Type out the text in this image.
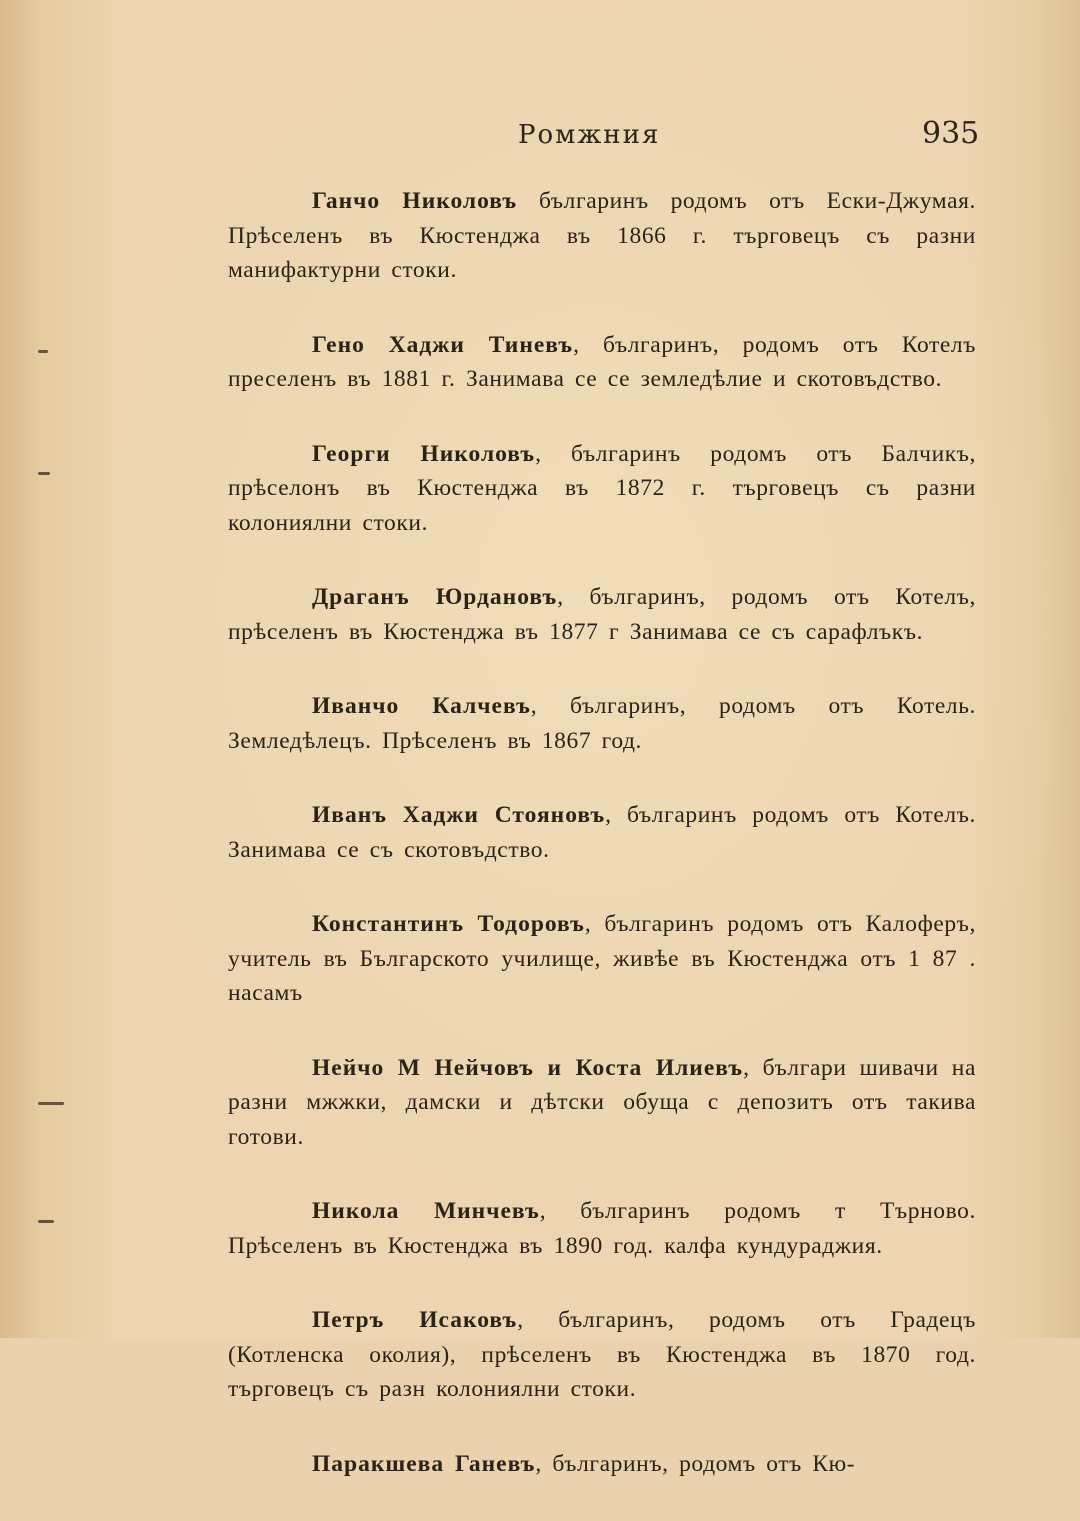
Ромжния	935

Ганчо Николовъ българинъ родомъ отъ Ески-Джумая. Прѣселенъ въ Кюстенджа въ 1866 г. търговецъ съ разни манифактурни стоки.

Гено Хаджи Тиневъ, българинъ, родомъ отъ Котелъ преселенъ въ 1881 г. Занимава се се земледѣлие и скотовъдство.

Георги Николовъ, българинъ родомъ отъ Балчикъ, прѣселонъ въ Кюстенджа въ 1872 г. търговецъ съ разни колониялни стоки.

Драганъ Юрдановъ, българинъ, родомъ отъ Котелъ, прѣселенъ въ Кюстенджа въ 1877 г Занимава се съ сарафлъкъ.

Иванчо Калчевъ, българинъ, родомъ отъ Котель. Земледѣлецъ. Прѣселенъ въ 1867 год.

Иванъ Хаджи Стояновъ, българинъ родомъ отъ Котелъ. Занимава се съ скотовъдство.

Константинъ Тодоровъ, българинъ родомъ отъ Калоферъ, учитель въ Българското училище, живѣе въ Кюстенджа отъ 1 87 . насамъ

Нейчо М Нейчовъ и Коста Илиевъ, българи шивачи на разни мжжки, дамски и дѣтски обуща с депозитъ отъ такива готови.

Никола Минчевъ, българинъ родомъ т Търново. Прѣселенъ въ Кюстенджа въ 1890 год. калфа кундураджия.

Петръ Исаковъ, българинъ, родомъ отъ Градецъ (Котленска околия), прѣселенъ въ Кюстенджа въ 1870 год. търговецъ съ разн колониялни стоки.

Паракшева Ганевъ, българинъ, родомъ отъ Кю-
